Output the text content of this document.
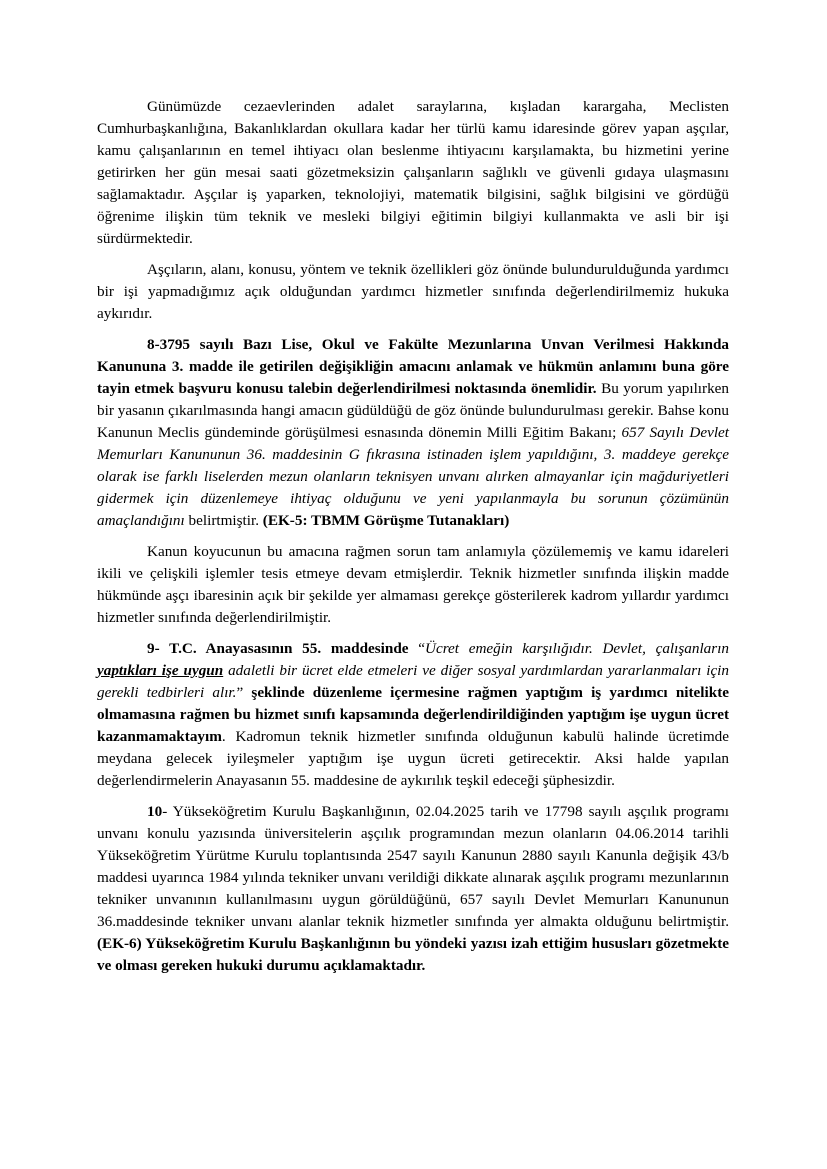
Günümüzde cezaevlerinden adalet saraylarına, kışladan karargaha, Meclisten Cumhurbaşkanlığına, Bakanlıklardan okullara kadar her türlü kamu idaresinde görev yapan aşçılar, kamu çalışanlarının en temel ihtiyacı olan beslenme ihtiyacını karşılamakta, bu hizmetini yerine getirirken her gün mesai saati gözetmeksizin çalışanların sağlıklı ve güvenli gıdaya ulaşmasını sağlamaktadır. Aşçılar iş yaparken, teknolojiyi, matematik bilgisini, sağlık bilgisini ve gördüğü öğrenime ilişkin tüm teknik ve mesleki bilgiyi eğitimin bilgiyi kullanmakta ve asli bir işi sürdürmektedir.

Aşçıların, alanı, konusu, yöntem ve teknik özellikleri göz önünde bulundurulduğunda yardımcı bir işi yapmadığımız açık olduğundan yardımcı hizmetler sınıfında değerlendirilmemiz hukuka aykırıdır.

8-3795 sayılı Bazı Lise, Okul ve Fakülte Mezunlarına Unvan Verilmesi Hakkında Kanununa 3. madde ile getirilen değişikliğin amacını anlamak ve hükmün anlamını buna göre tayin etmek başvuru konusu talebin değerlendirilmesi noktasında önemlidir. Bu yorum yapılırken bir yasanın çıkarılmasında hangi amacın güdüldüğü de göz önünde bulundurulması gerekir. Bahse konu Kanunun Meclis gündeminde görüşülmesi esnasında dönemin Milli Eğitim Bakanı; 657 Sayılı Devlet Memurları Kanununun 36. maddesinin G fıkrasına istinaden işlem yapıldığını, 3. maddeye gerekçe olarak ise farklı liselerden mezun olanların teknisyen unvanı alırken almayanlar için mağduriyetleri gidermek için düzenlemeye ihtiyaç olduğunu ve yeni yapılanmayla bu sorunun çözümünün amaçlandığını belirtmiştir. (EK-5: TBMM Görüşme Tutanakları)

Kanun koyucunun bu amacına rağmen sorun tam anlamıyla çözülememiş ve kamu idareleri ikili ve çelişkili işlemler tesis etmeye devam etmişlerdir. Teknik hizmetler sınıfında ilişkin madde hükmünde aşçı ibaresinin açık bir şekilde yer almaması gerekçe gösterilerek kadrom yıllardır yardımcı hizmetler sınıfında değerlendirilmiştir.

9- T.C. Anayasasının 55. maddesinde “Ücret emeğin karşılığıdır. Devlet, çalışanların yaptıkları işe uygun adaletli bir ücret elde etmeleri ve diğer sosyal yardımlardan yararlanmaları için gerekli tedbirleri alır.” şeklinde düzenleme içermesine rağmen yaptığım iş yardımcı nitelikte olmamasına rağmen bu hizmet sınıfı kapsamında değerlendirildiğinden yaptığım işe uygun ücret kazanmamaktayım. Kadromun teknik hizmetler sınıfında olduğunun kabulü halinde ücretimde meydana gelecek iyileşmeler yaptığım işe uygun ücreti getirecektir. Aksi halde yapılan değerlendirmelerin Anayasanın 55. maddesine de aykırılık teşkil edeceği şüphesizdir.

10- Yükseköğretim Kurulu Başkanlığının, 02.04.2025 tarih ve 17798 sayılı aşçılık programı unvanı konulu yazısında üniversitelerin aşçılık programından mezun olanların 04.06.2014 tarihli Yükseköğretim Yürütme Kurulu toplantısında 2547 sayılı Kanunun 2880 sayılı Kanunla değişik 43/b maddesi uyarınca 1984 yılında tekniker unvanı verildiği dikkate alınarak aşçılık programı mezunlarının tekniker unvanının kullanılmasını uygun görüldüğünü, 657 sayılı Devlet Memurları Kanununun 36.maddesinde tekniker unvanı alanlar teknik hizmetler sınıfında yer almakta olduğunu belirtmiştir. (EK-6) Yükseköğretim Kurulu Başkanlığının bu yöndeki yazısı izah ettiğim hususları gözetmekte ve olması gereken hukuki durumu açıklamaktadır.
